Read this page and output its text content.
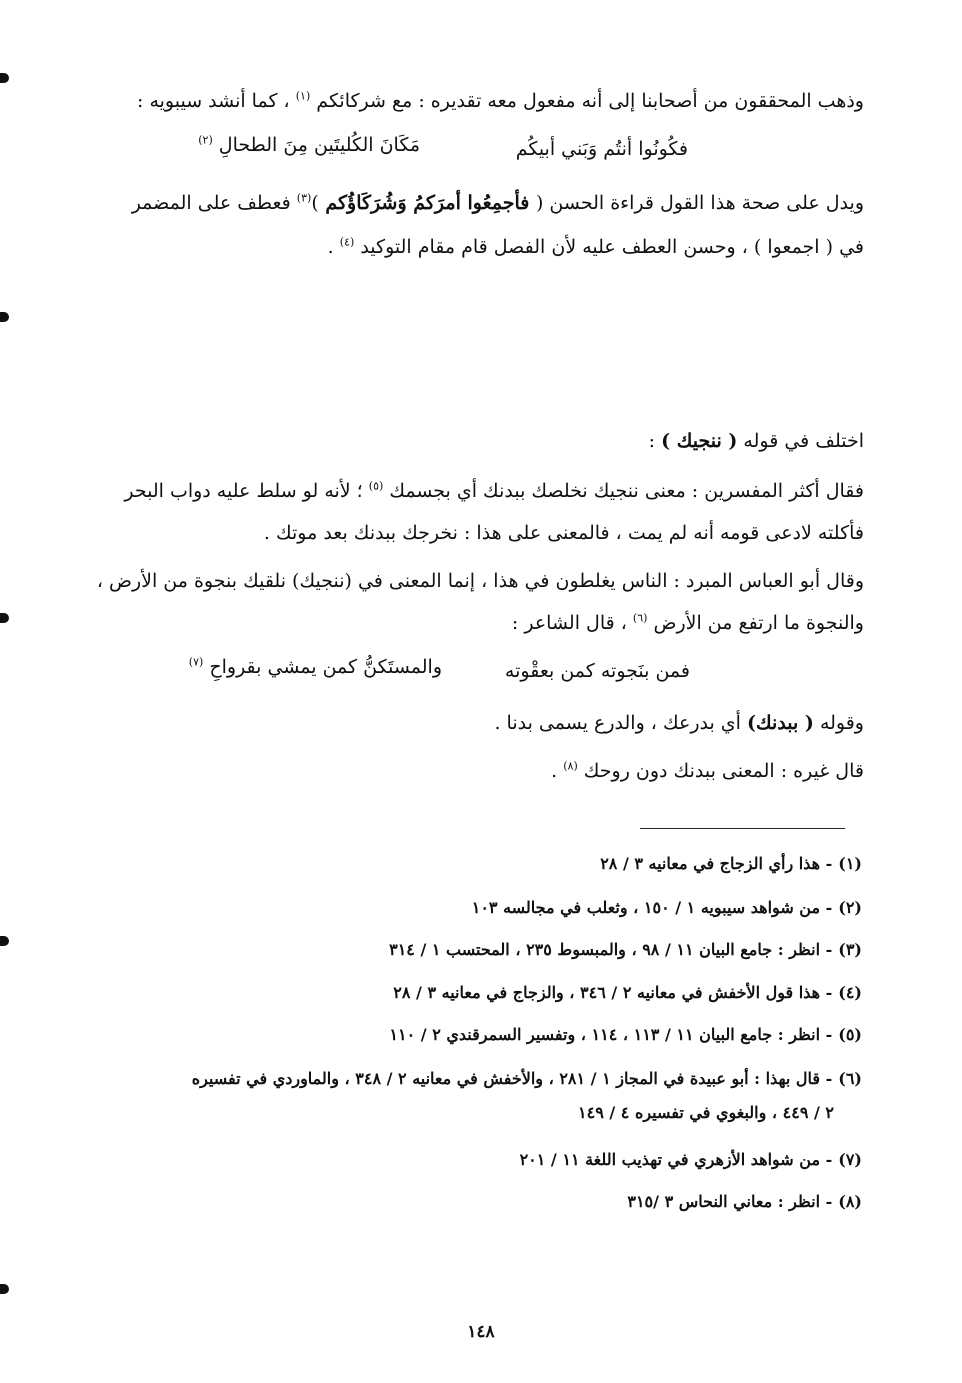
وذهب المحققون من أصحابنا إلى أنه مفعول معه تقديره : مع شركائكم $^{(١)}$ ، كما أنشد سيبويه :
فكُونُوا أنتُم وَبَني أبيكُم
مَكَانَ الكُليتَين مِنَ الطحالِ $^{(٢)}$
ويدل على صحة هذا القول قراءة الحسن ( فأجمِعُوا أمرَكمُ وَشُرَكَاؤُكم )$^{(٣)}$ فعطف على المضمر
في ( اجمعوا ) ، وحسن العطف عليه لأن الفصل قام مقام التوكيد $^{(٤)}$ .
اختلف في قوله ( ننجيك ) :
فقال أكثر المفسرين : معنى ننجيك نخلصك ببدنك أي بجسمك $^{(٥)}$ ؛ لأنه لو سلط عليه دواب البحر
فأكلته لادعى قومه أنه لم يمت ، فالمعنى على هذا : نخرجك ببدنك بعد موتك .
وقال أبو العباس المبرد : الناس يغلطون في هذا ، إنما المعنى في (ننجيك) نلقيك بنجوة من الأرض ،
والنجوة ما ارتفع من الأرض $^{(٦)}$ ، قال الشاعر :
فمن بنَجوته كمن بعقْوته
والمستَكنُّ كمن يمشي بقرواحِ $^{(٧)}$
وقوله ( ببدنك) أي بدرعك ، والدرع يسمى بدنا .
قال غيره : المعنى ببدنك دون روحك $^{(٨)}$ .
(١)- هذا رأي الزجاج في معانيه ٣ / ٢٨
(٢)- من شواهد سيبويه ١ / ١٥٠ ، وثعلب في مجالسه ١٠٣
(٣)- انظر : جامع البيان ١١ / ٩٨ ، والمبسوط ٢٣٥ ، المحتسب ١ / ٣١٤
(٤)- هذا قول الأخفش في معانيه ٢ / ٣٤٦ ، والزجاج في معانيه ٣ / ٢٨
(٥)- انظر : جامع البيان ١١ / ١١٣ ، ١١٤ ، وتفسير السمرقندي ٢ / ١١٠
(٦)- قال بهذا : أبو عبيدة في المجاز ١ / ٢٨١ ، والأخفش في معانيه ٢ / ٣٤٨ ، والماوردي في تفسيره
٢ / ٤٤٩ ، والبغوي في تفسيره ٤ / ١٤٩
(٧)- من شواهد الأزهري في تهذيب اللغة ١١ / ٢٠١
(٨)- انظر : معاني النحاس ٣ /٣١٥
١٤٨
